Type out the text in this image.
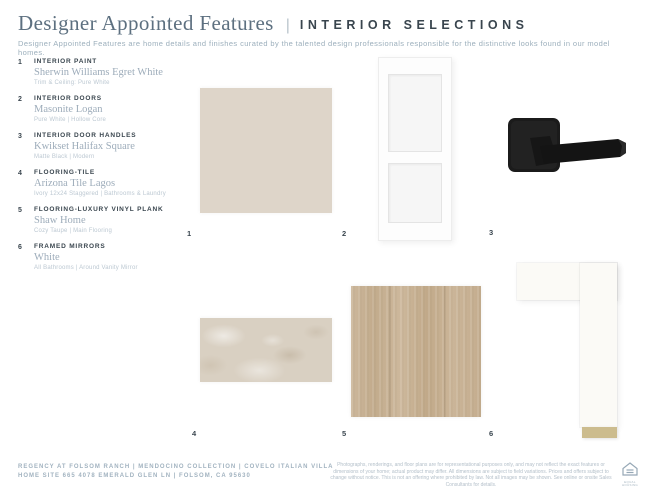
Designer Appointed Features | INTERIOR SELECTIONS
Designer Appointed Features are home details and finishes curated by the talented design professionals responsible for the distinctive looks found in our model homes.
1	INTERIOR PAINT
Sherwin Williams Egret White
Trim & Ceiling: Pure White
2	INTERIOR DOORS
Masonite Logan
Pure White | Hollow Core
3	INTERIOR DOOR HANDLES
Kwikset Halifax Square
Matte Black | Modern
4	FLOORING-TILE
Arizona Tile Lagos
Ivory 12x24 Staggered | Bathrooms & Laundry
5	FLOORING-LUXURY VINYL PLANK
Shaw Home
Cozy Taupe | Main Flooring
6	FRAMED MIRRORS
White
All Bathrooms | Around Vanity Mirror
1	2	3
4	5	6
REGENCY AT FOLSOM RANCH | MENDOCINO COLLECTION | COVELO ITALIAN VILLA
HOME SITE 665 4078 EMERALD GLEN LN | FOLSOM, CA 95630
Photographs, renderings, and floor plans are for representational purposes only, and may not reflect the exact features or dimensions of your home; actual product may differ. All dimensions are subject to field variations. Prices and offers subject to change without notice. This is not an offering where prohibited by law. Not all images may be shown. See online or onsite Sales Consultants for details.	EQUAL HOUSING
